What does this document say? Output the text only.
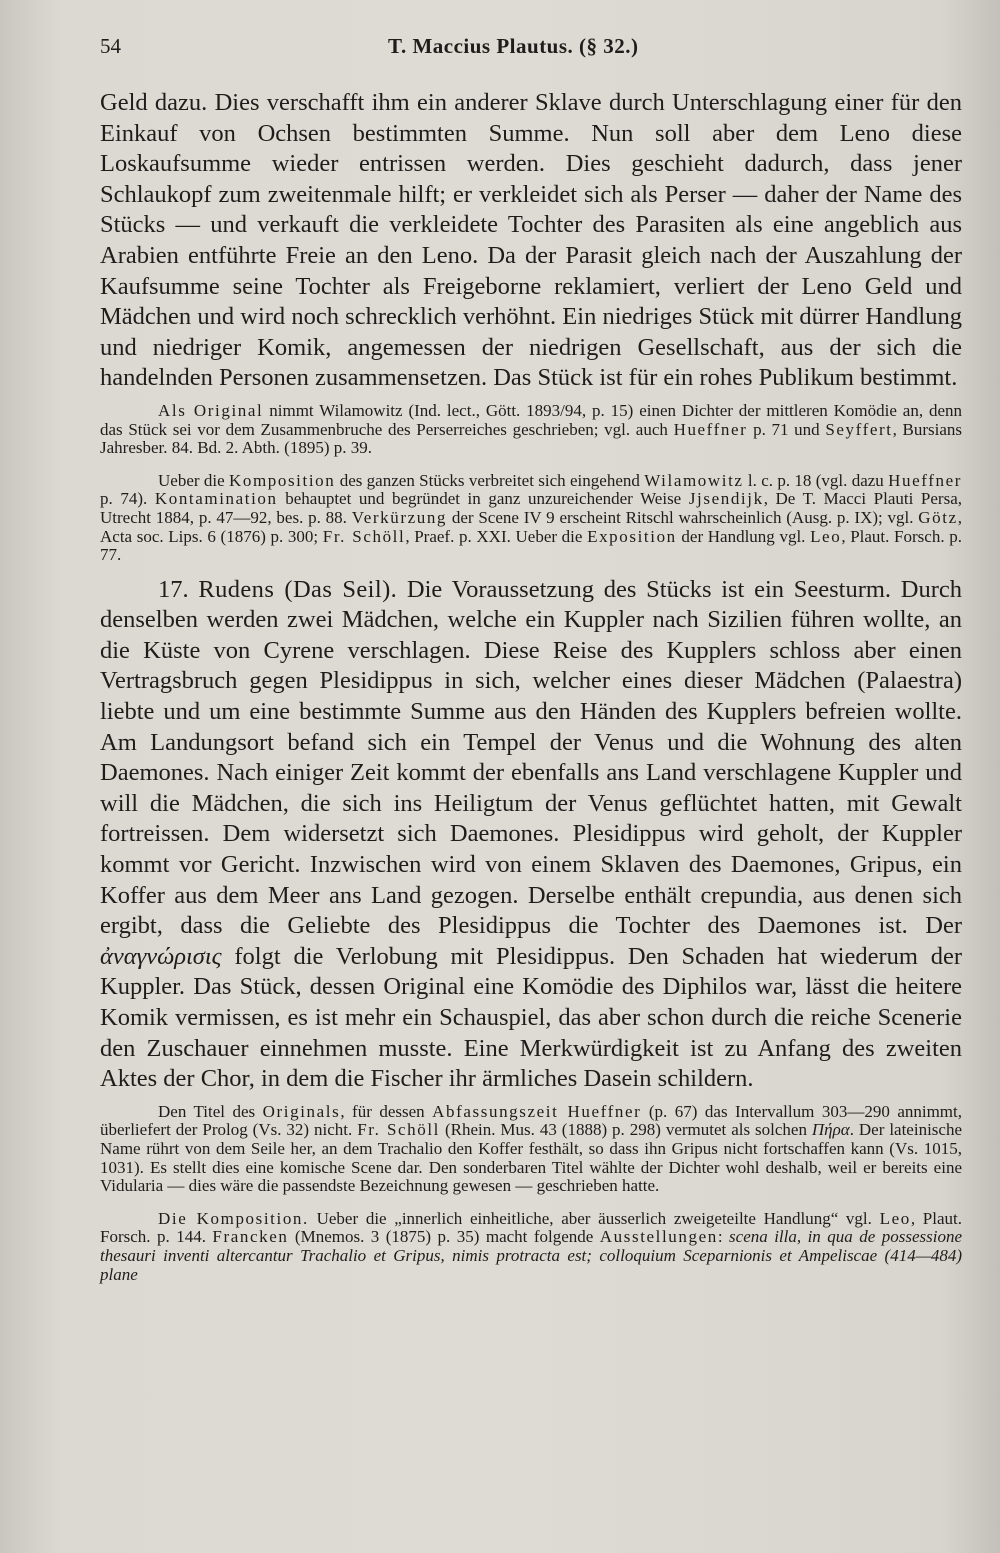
54	T. Maccius Plautus. (§ 32.)

Geld dazu. Dies verschafft ihm ein anderer Sklave durch Unterschlagung einer für den Einkauf von Ochsen bestimmten Summe. Nun soll aber dem Leno diese Loskaufsumme wieder entrissen werden. Dies geschieht dadurch, dass jener Schlaukopf zum zweitenmale hilft; er verkleidet sich als Perser — daher der Name des Stücks — und verkauft die verkleidete Tochter des Parasiten als eine angeblich aus Arabien entführte Freie an den Leno. Da der Parasit gleich nach der Auszahlung der Kaufsumme seine Tochter als Freigeborne reklamiert, verliert der Leno Geld und Mädchen und wird noch schrecklich verhöhnt. Ein niedriges Stück mit dürrer Handlung und niedriger Komik, angemessen der niedrigen Gesellschaft, aus der sich die handelnden Personen zusammensetzen. Das Stück ist für ein rohes Publikum bestimmt.

Als Original nimmt Wilamowitz (Ind. lect., Gött. 1893/94, p. 15) einen Dichter der mittleren Komödie an, denn das Stück sei vor dem Zusammenbruche des Perserreiches geschrieben; vgl. auch Hueffner p. 71 und Seyffert, Bursians Jahresber. 84. Bd. 2. Abth. (1895) p. 39.

Ueber die Komposition des ganzen Stücks verbreitet sich eingehend Wilamowitz l. c. p. 18 (vgl. dazu Hueffner p. 74). Kontamination behauptet und begründet in ganz unzureichender Weise Jjsendijk, De T. Macci Plauti Persa, Utrecht 1884, p. 47—92, bes. p. 88. Verkürzung der Scene IV 9 erscheint Ritschl wahrscheinlich (Ausg. p. IX); vgl. Götz, Acta soc. Lips. 6 (1876) p. 300; Fr. Schöll, Praef. p. XXI. Ueber die Exposition der Handlung vgl. Leo, Plaut. Forsch. p. 77.

17. Rudens (Das Seil). Die Voraussetzung des Stücks ist ein Seesturm. Durch denselben werden zwei Mädchen, welche ein Kuppler nach Sizilien führen wollte, an die Küste von Cyrene verschlagen. Diese Reise des Kupplers schloss aber einen Vertragsbruch gegen Plesidippus in sich, welcher eines dieser Mädchen (Palaestra) liebte und um eine bestimmte Summe aus den Händen des Kupplers befreien wollte. Am Landungsort befand sich ein Tempel der Venus und die Wohnung des alten Daemones. Nach einiger Zeit kommt der ebenfalls ans Land verschlagene Kuppler und will die Mädchen, die sich ins Heiligtum der Venus geflüchtet hatten, mit Gewalt fortreissen. Dem widersetzt sich Daemones. Plesidippus wird geholt, der Kuppler kommt vor Gericht. Inzwischen wird von einem Sklaven des Daemones, Gripus, ein Koffer aus dem Meer ans Land gezogen. Derselbe enthält crepundia, aus denen sich ergibt, dass die Geliebte des Plesidippus die Tochter des Daemones ist. Der ἀναγνώρισις folgt die Verlobung mit Plesidippus. Den Schaden hat wiederum der Kuppler. Das Stück, dessen Original eine Komödie des Diphilos war, lässt die heitere Komik vermissen, es ist mehr ein Schauspiel, das aber schon durch die reiche Scenerie den Zuschauer einnehmen musste. Eine Merkwürdigkeit ist zu Anfang des zweiten Aktes der Chor, in dem die Fischer ihr ärmliches Dasein schildern.

Den Titel des Originals, für dessen Abfassungszeit Hueffner (p. 67) das Intervallum 303—290 annimmt, überliefert der Prolog (Vs. 32) nicht. Fr. Schöll (Rhein. Mus. 43 (1888) p. 298) vermutet als solchen Πήρα. Der lateinische Name rührt von dem Seile her, an dem Trachalio den Koffer festhält, so dass ihn Gripus nicht fortschaffen kann (Vs. 1015, 1031). Es stellt dies eine komische Scene dar. Den sonderbaren Titel wählte der Dichter wohl deshalb, weil er bereits eine Vidularia — dies wäre die passendste Bezeichnung gewesen — geschrieben hatte.

Die Komposition. Ueber die „innerlich einheitliche, aber äusserlich zweigeteilte Handlung“ vgl. Leo, Plaut. Forsch. p. 144. Francken (Mnemos. 3 (1875) p. 35) macht folgende Ausstellungen: scena illa, in qua de possessione thesauri inventi altercantur Trachalio et Gripus, nimis protracta est; colloquium Sceparnionis et Ampeliscae (414—484) plane
